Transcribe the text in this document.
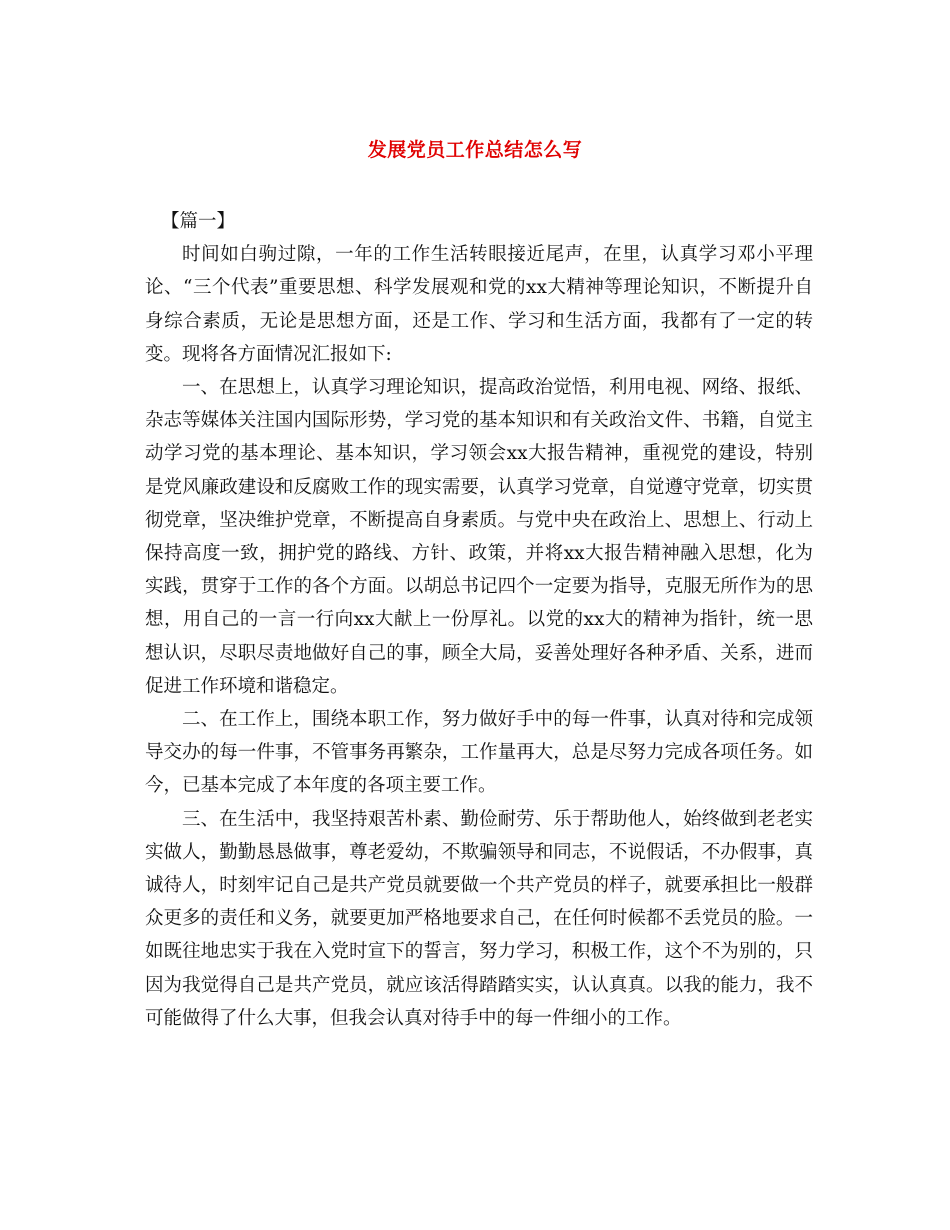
发展党员工作总结怎么写
【篇一】

时间如白驹过隙，一年的工作生活转眼接近尾声，在里，认真学习邓小平理论、“三个代表”重要思想、科学发展观和党的xx大精神等理论知识，不断提升自身综合素质，无论是思想方面，还是工作、学习和生活方面，我都有了一定的转变。现将各方面情况汇报如下:

一、在思想上，认真学习理论知识，提高政治觉悟，利用电视、网络、报纸、杂志等媒体关注国内国际形势，学习党的基本知识和有关政治文件、书籍，自觉主动学习党的基本理论、基本知识，学习领会xx大报告精神，重视党的建设，特别是党风廉政建设和反腐败工作的现实需要，认真学习党章，自觉遵守党章，切实贯彻党章，坚决维护党章，不断提高自身素质。与党中央在政治上、思想上、行动上保持高度一致，拥护党的路线、方针、政策，并将xx大报告精神融入思想，化为实践，贯穿于工作的各个方面。以胡总书记四个一定要为指导，克服无所作为的思想，用自己的一言一行向xx大献上一份厚礼。以党的xx大的精神为指针，统一思想认识，尽职尽责地做好自己的事，顾全大局，妥善处理好各种矛盾、关系，进而促进工作环境和谐稳定。

二、在工作上，围绕本职工作，努力做好手中的每一件事，认真对待和完成领导交办的每一件事，不管事务再繁杂，工作量再大，总是尽努力完成各项任务。如今，已基本完成了本年度的各项主要工作。

三、在生活中，我坚持艰苦朴素、勤俭耐劳、乐于帮助他人，始终做到老老实实做人，勤勤恳恳做事，尊老爱幼，不欺骗领导和同志，不说假话，不办假事，真诚待人，时刻牢记自己是共产党员就要做一个共产党员的样子，就要承担比一般群众更多的责任和义务，就要更加严格地要求自己，在任何时候都不丢党员的脸。一如既往地忠实于我在入党时宣下的誓言，努力学习，积极工作，这个不为别的，只因为我觉得自己是共产党员，就应该活得踏踏实实，认认真真。以我的能力，我不可能做得了什么大事，但我会认真对待手中的每一件细小的工作。
